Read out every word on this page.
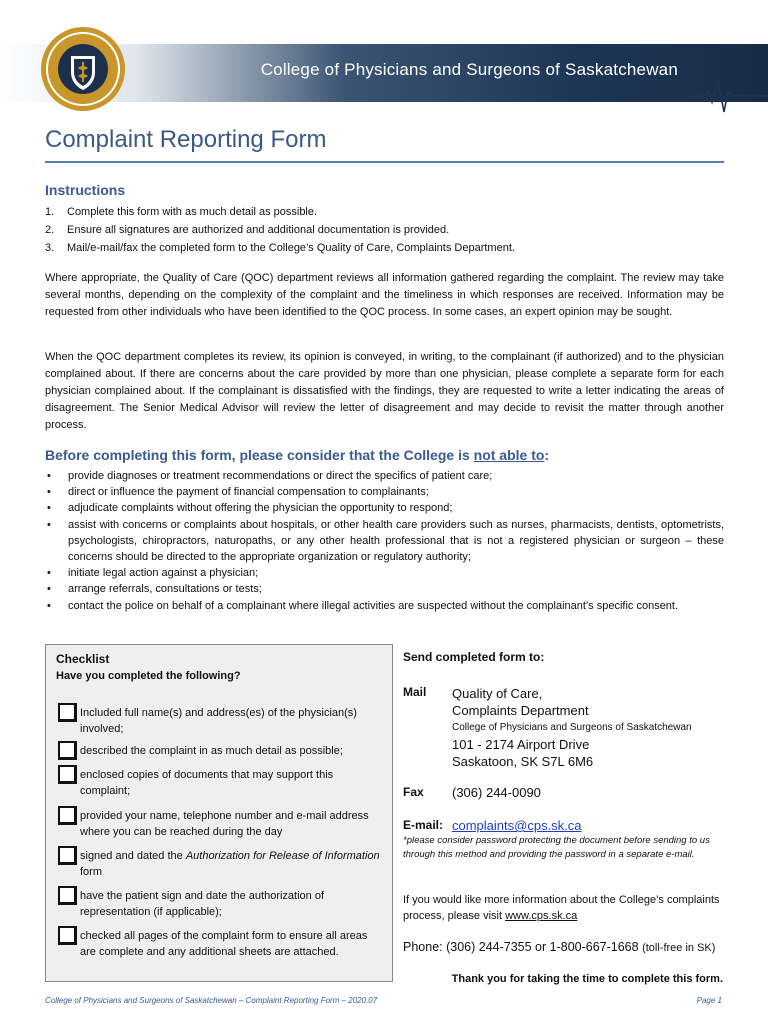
College of Physicians and Surgeons of Saskatchewan
Complaint Reporting Form
Instructions
1.	Complete this form with as much detail as possible.
2.	Ensure all signatures are authorized and additional documentation is provided.
3.	Mail/e-mail/fax the completed form to the College’s Quality of Care, Complaints Department.

Where appropriate, the Quality of Care (QOC) department reviews all information gathered regarding the complaint. The review may take several months, depending on the complexity of the complaint and the timeliness in which responses are received. Information may be requested from other individuals who have been identified to the QOC process. In some cases, an expert opinion may be sought.

When the QOC department completes its review, its opinion is conveyed, in writing, to the complainant (if authorized) and to the physician complained about. If there are concerns about the care provided by more than one physician, please complete a separate form for each physician complained about. If the complainant is dissatisfied with the findings, they are requested to write a letter indicating the areas of disagreement. The Senior Medical Advisor will review the letter of disagreement and may decide to revisit the matter through another process.

Before completing this form, please consider that the College is not able to:
• provide diagnoses or treatment recommendations or direct the specifics of patient care;
• direct or influence the payment of financial compensation to complainants;
• adjudicate complaints without offering the physician the opportunity to respond;
• assist with concerns or complaints about hospitals, or other health care providers such as nurses, pharmacists, dentists, optometrists, psychologists, chiropractors, naturopaths, or any other health professional that is not a registered physician or surgeon – these concerns should be directed to the appropriate organization or regulatory authority;
• initiate legal action against a physician;
• arrange referrals, consultations or tests;
• contact the police on behalf of a complainant where illegal activities are suspected without the complainant’s specific consent.
Checklist
Have you completed the following?
Included full name(s) and address(es) of the physician(s) involved;
described the complaint in as much detail as possible;
enclosed copies of documents that may support this complaint;
provided your name, telephone number and e-mail address where you can be reached during the day
signed and dated the Authorization for Release of Information form
have the patient sign and date the authorization of representation (if applicable);
checked all pages of the complaint form to ensure all areas are complete and any additional sheets are attached.
Send completed form to:
Mail Quality of Care,
Complaints Department
College of Physicians and Surgeons of Saskatchewan
101 - 2174 Airport Drive
Saskatoon, SK S7L 6M6
Fax (306) 244-0090
E-mail: complaints@cps.sk.ca
*please consider password protecting the document before sending to us through this method and providing the password in a separate e-mail.
If you would like more information about the College’s complaints process, please visit www.cps.sk.ca
Phone: (306) 244-7355 or 1-800-667-1668 (toll-free in SK)
Thank you for taking the time to complete this form.
College of Physicians and Surgeons of Saskatchewan – Complaint Reporting Form – 2020.07	Page 1
